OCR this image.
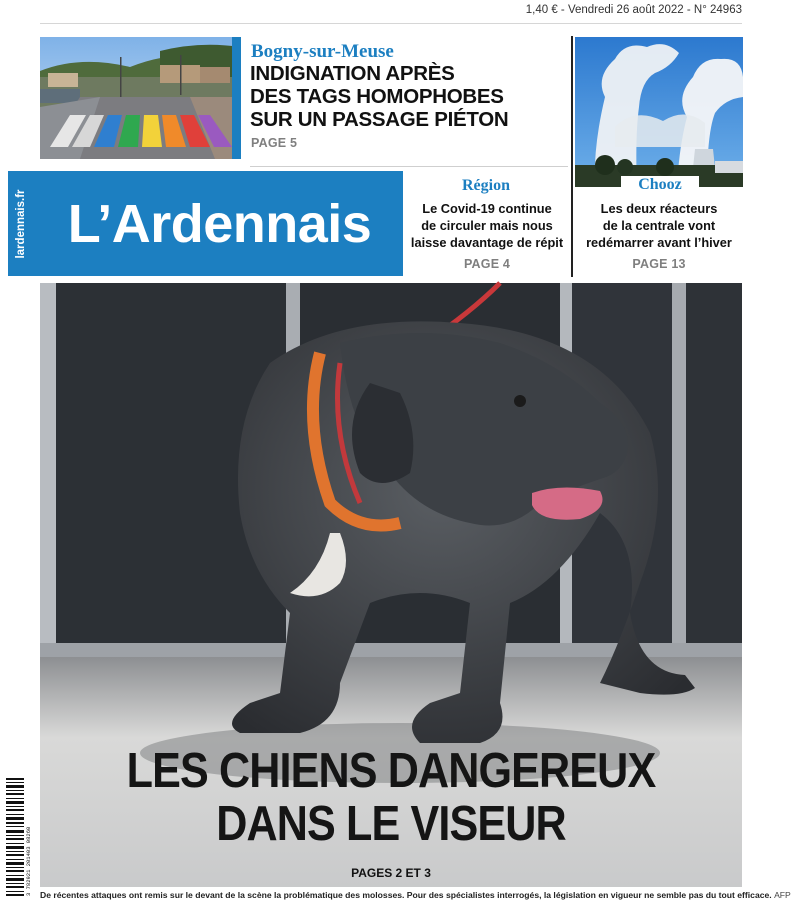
1,40 € - Vendredi 26 août 2022 - N° 24963
Bogny-sur-Meuse
INDIGNATION APRÈS
DES TAGS HOMOPHOBES
SUR UN PASSAGE PIÉTON
PAGE 5
lardennais.fr L’Ardennais
Région
Le Covid-19 continue
de circuler mais nous
laisse davantage de répit
PAGE 4
Chooz
Les deux réacteurs
de la centrale vont
redémarrer avant l’hiver
PAGE 13
LES CHIENS DANGEREUX
DANS LE VISEUR
PAGES 2 ET 3
De récentes attaques ont remis sur le devant de la scène la problématique des molosses. Pour des spécialistes interrogés, la législation en vigueur ne semble pas du tout efficace. AFP
3 782921 201403 08260
